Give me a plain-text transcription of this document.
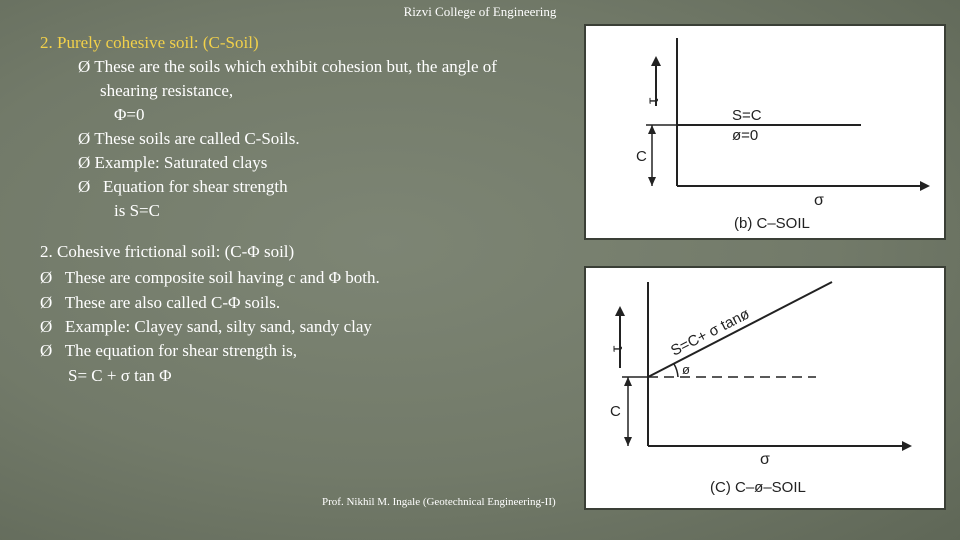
Rizvi College of Engineering
2. Purely cohesive soil: (C-Soil)
Ø These are the soils which exhibit cohesion but, the angle of
shearing resistance,
Φ=0
Ø These soils are called C-Soils.
Ø Example: Saturated clays
Ø Equation for shear strength
is S=C
2. Cohesive frictional soil: (C-Φ soil)
Ø These are composite soil having c and Φ both.
Ø These are also called C-Φ soils.
Ø Example: Clayey sand, silty sand, sandy clay
Ø The equation for shear strength is,
S= C + σ tan Φ
τ
S=C
ø=0
C
σ
(b) C–SOIL
τ	S=C+ σ tanø
ø
C
σ
(C) C–ø–SOIL
Prof. Nikhil M. Ingale (Geotechnical Engineering-II)
